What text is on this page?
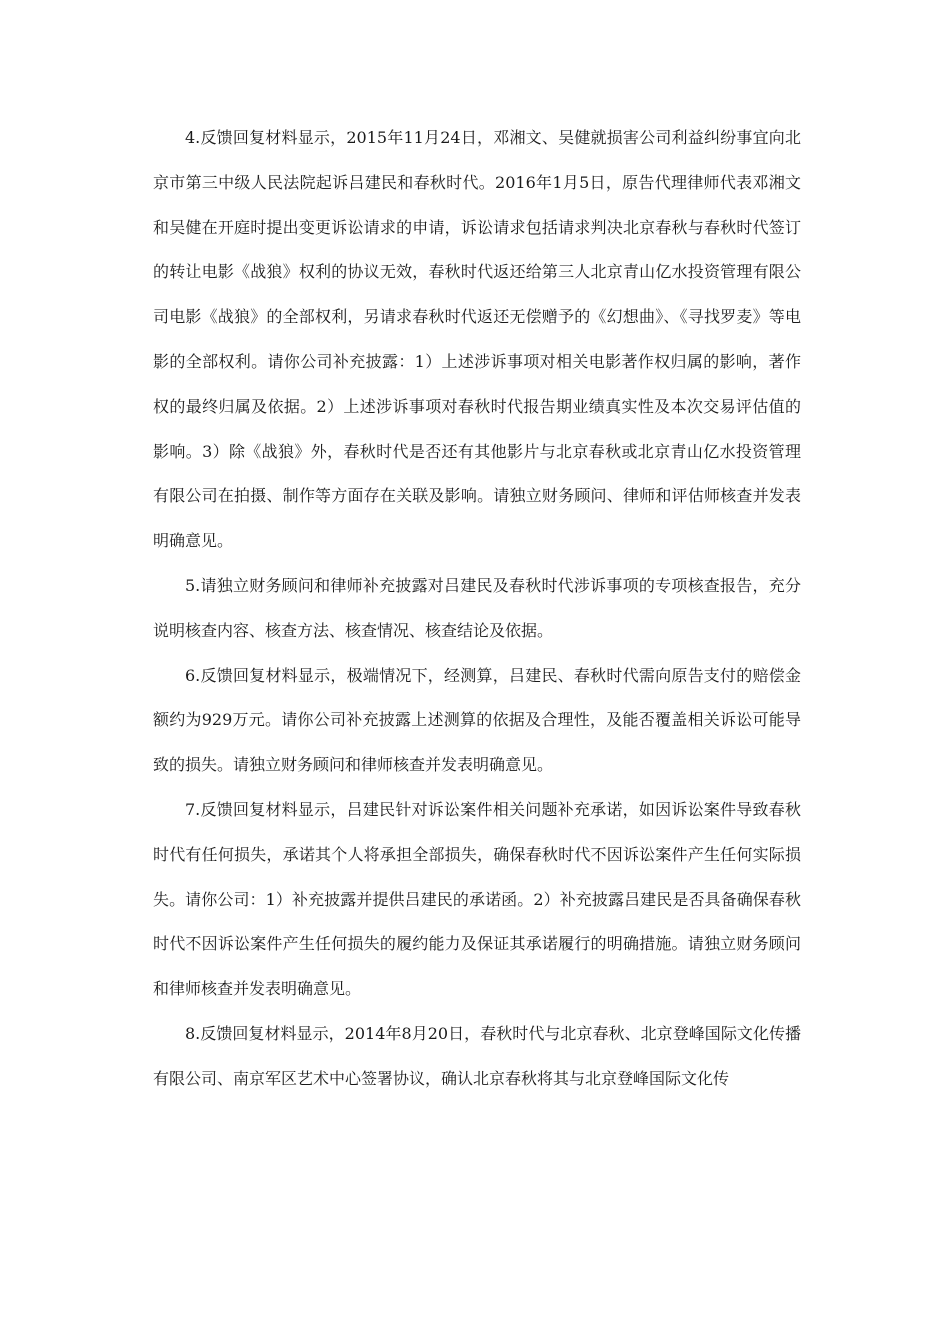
4.反馈回复材料显示，2015年11月24日，邓湘文、吴健就损害公司利益纠纷事宜向北京市第三中级人民法院起诉吕建民和春秋时代。2016年1月5日，原告代理律师代表邓湘文和吴健在开庭时提出变更诉讼请求的申请，诉讼请求包括请求判决北京春秋与春秋时代签订的转让电影《战狼》权利的协议无效，春秋时代返还给第三人北京青山亿水投资管理有限公司电影《战狼》的全部权利，另请求春秋时代返还无偿赠予的《幻想曲》、《寻找罗麦》等电影的全部权利。请你公司补充披露：1）上述涉诉事项对相关电影著作权归属的影响，著作权的最终归属及依据。2）上述涉诉事项对春秋时代报告期业绩真实性及本次交易评估值的影响。3）除《战狼》外，春秋时代是否还有其他影片与北京春秋或北京青山亿水投资管理有限公司在拍摄、制作等方面存在关联及影响。请独立财务顾问、律师和评估师核查并发表明确意见。

5.请独立财务顾问和律师补充披露对吕建民及春秋时代涉诉事项的专项核查报告，充分说明核查内容、核查方法、核查情况、核查结论及依据。

6.反馈回复材料显示，极端情况下，经测算，吕建民、春秋时代需向原告支付的赔偿金额约为929万元。请你公司补充披露上述测算的依据及合理性，及能否覆盖相关诉讼可能导致的损失。请独立财务顾问和律师核查并发表明确意见。

7.反馈回复材料显示，吕建民针对诉讼案件相关问题补充承诺，如因诉讼案件导致春秋时代有任何损失，承诺其个人将承担全部损失，确保春秋时代不因诉讼案件产生任何实际损失。请你公司：1）补充披露并提供吕建民的承诺函。2）补充披露吕建民是否具备确保春秋时代不因诉讼案件产生任何损失的履约能力及保证其承诺履行的明确措施。请独立财务顾问和律师核查并发表明确意见。

8.反馈回复材料显示，2014年8月20日，春秋时代与北京春秋、北京登峰国际文化传播有限公司、南京军区艺术中心签署协议，确认北京春秋将其与北京登峰国际文化传
